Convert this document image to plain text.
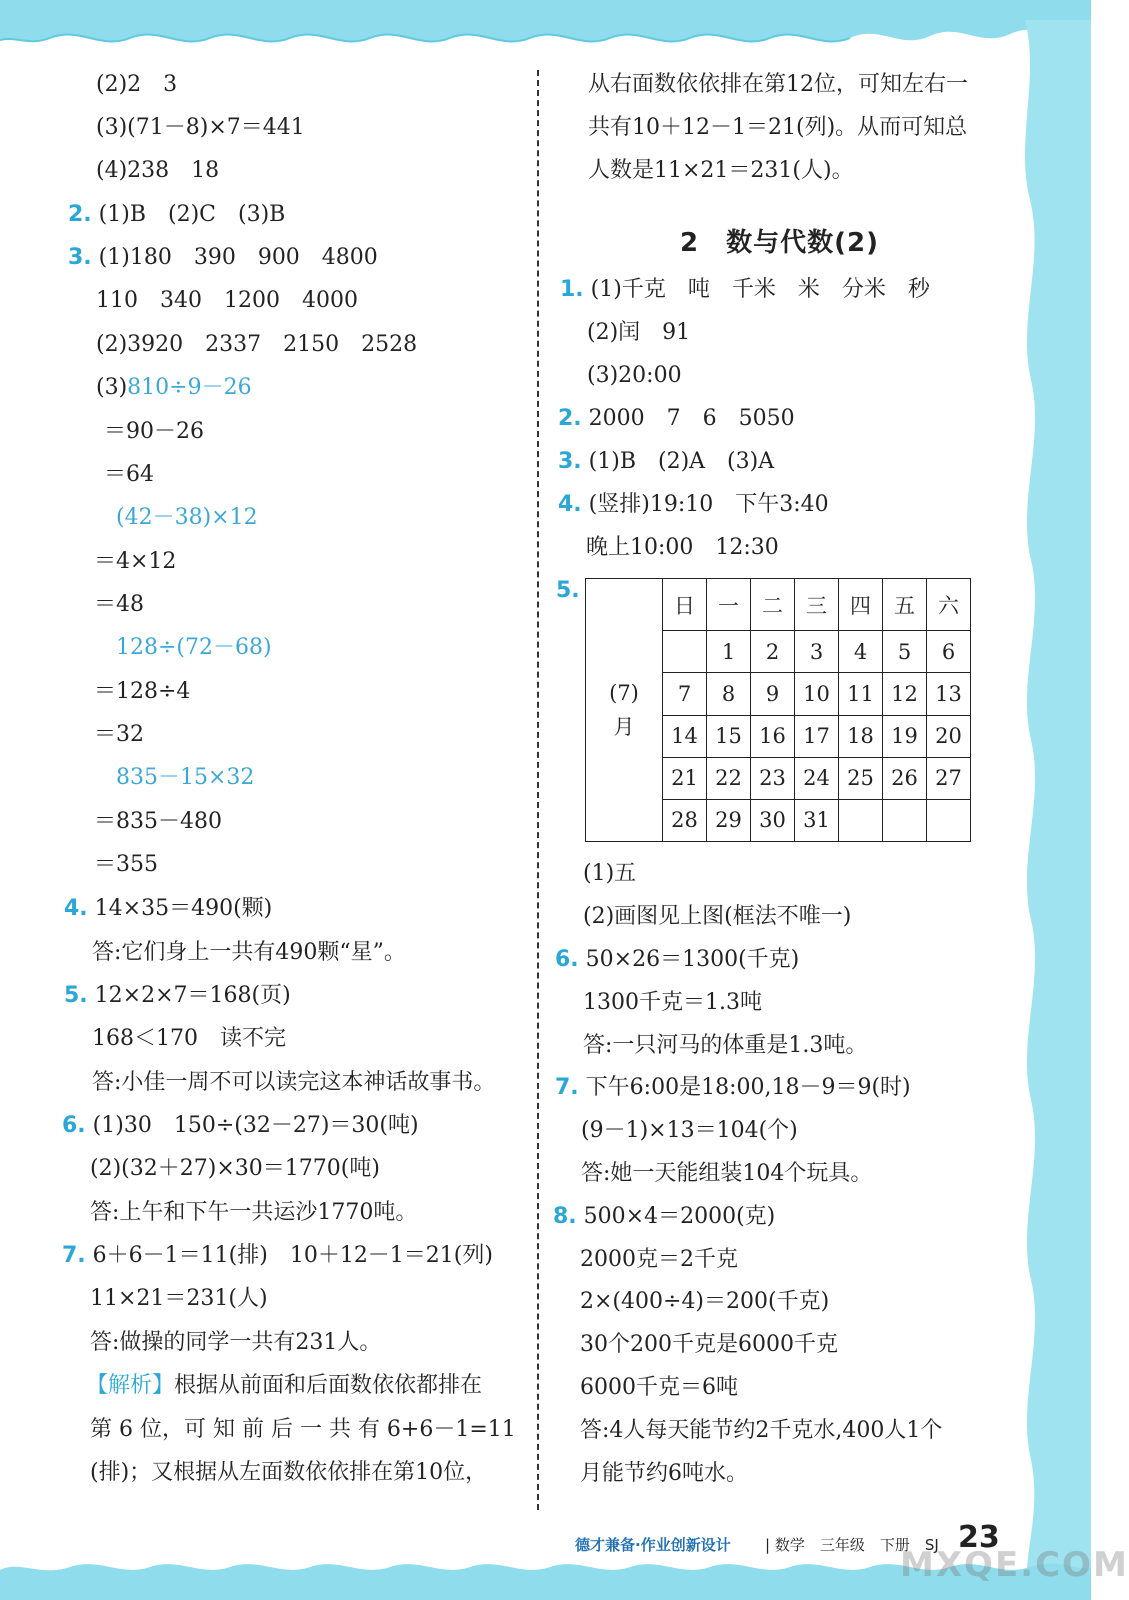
(2)2　3
(3)(71－8)×7＝441
(4)238　18
2. (1)B　(2)C　(3)B
3. (1)180　390　900　4800
110　340　1200　4000
(2)3920　2337　2150　2528
(3)810÷9－26
＝90－26
＝64
(42－38)×12
＝4×12
＝48
128÷(72－68)
＝128÷4
＝32
835－15×32
＝835－480
＝355
4. 14×35＝490(颗)
答:它们身上一共有490颗“星”。
5. 12×2×7＝168(页)
168＜170　读不完
答:小佳一周不可以读完这本神话故事书。
6. (1)30　150÷(32－27)＝30(吨)
(2)(32＋27)×30＝1770(吨)
答:上午和下午一共运沙1770吨。
7. 6＋6－1＝11(排)　10＋12－1＝21(列)
11×21＝231(人)
答:做操的同学一共有231人。
【解析】根据从前面和后面数依依都排在
第 6 位，可 知 前 后 一 共 有 6+6－1=11
(排)；又根据从左面数依依排在第10位，
从右面数依依排在第12位，可知左右一
共有10＋12－1＝21(列)。从而可知总
人数是11×21＝231(人)。
2　数与代数(2)
1. (1)千克　吨　千米　米　分米　秒
(2)闰　91
(3)20:00
2. 2000　7　6　5050
3. (1)B　(2)A　(3)A
4. (竖排)19:10　下午3:40
晚上10:00　12:30
5.
(7)
月	日	一	二	三	四	五	六
		1	2	3	4	5	6
	7	8	9	10	11	12	13
	14	15	16	17	18	19	20
	21	22	23	24	25	26	27
	28	29	30	31			
(1)五
(2)画图见上图(框法不唯一)
6. 50×26＝1300(千克)
1300千克＝1.3吨
答:一只河马的体重是1.3吨。
7. 下午6:00是18:00,18－9＝9(时)
(9－1)×13＝104(个)
答:她一天能组装104个玩具。
8. 500×4＝2000(克)
2000克＝2千克
2×(400÷4)＝200(千克)
30个200千克是6000千克
6000千克＝6吨
答:4人每天能节约2千克水,400人1个
月能节约6吨水。
德才兼备·作业创新设计 | 数学　三年级　下册　SJ 23
MXQE.COM
